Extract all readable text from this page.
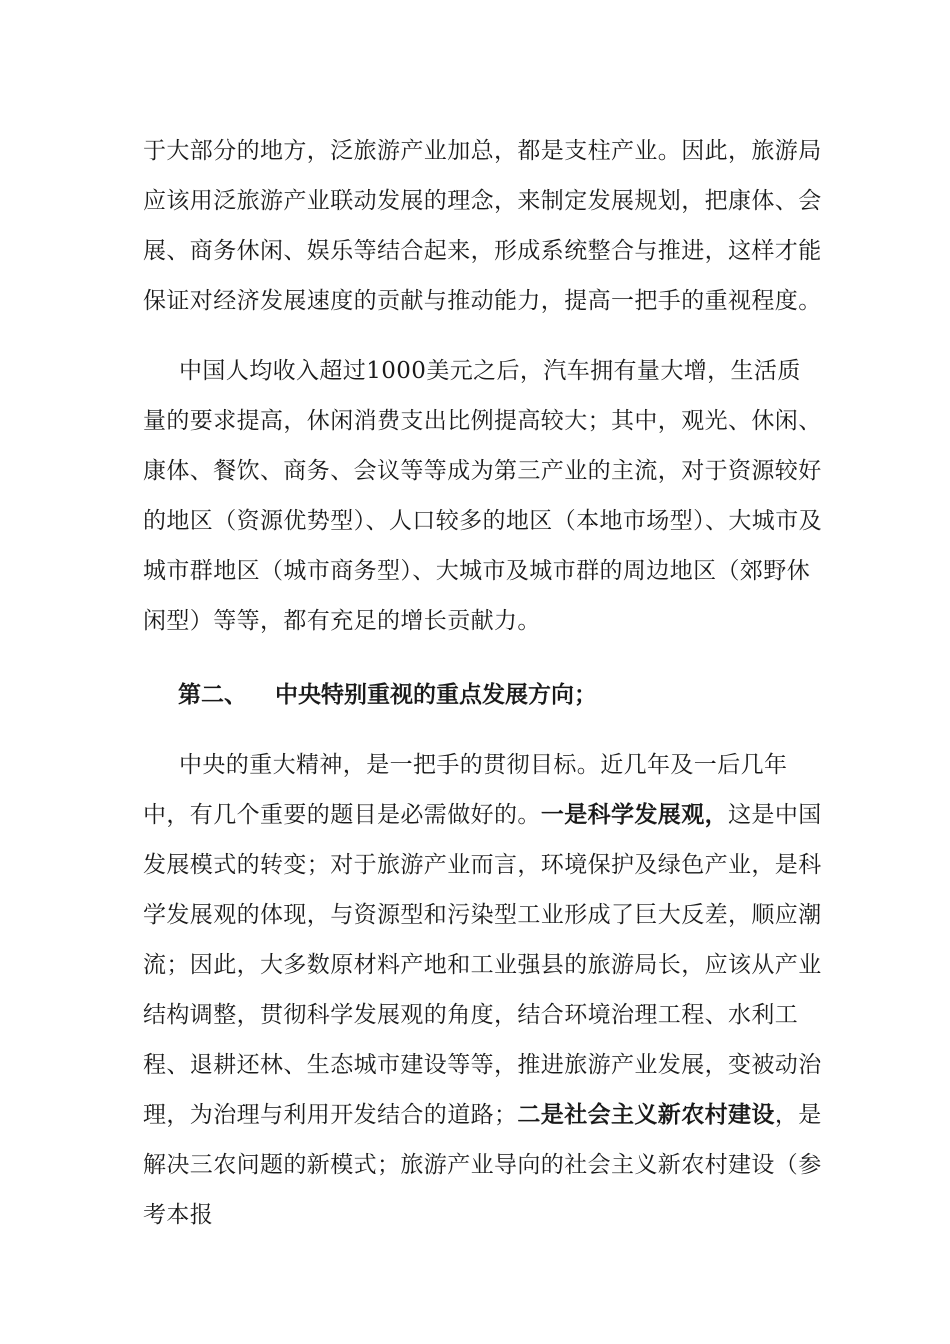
于大部分的地方，泛旅游产业加总，都是支柱产业。因此，旅游局应该用泛旅游产业联动发展的理念，来制定发展规划，把康体、会展、商务休闲、娱乐等结合起来，形成系统整合与推进，这样才能保证对经济发展速度的贡献与推动能力，提高一把手的重视程度。

中国人均收入超过1000美元之后，汽车拥有量大增，生活质量的要求提高，休闲消费支出比例提高较大；其中，观光、休闲、康体、餐饮、商务、会议等等成为第三产业的主流，对于资源较好的地区（资源优势型）、人口较多的地区（本地市场型）、大城市及城市群地区（城市商务型）、大城市及城市群的周边地区（郊野休闲型）等等，都有充足的增长贡献力。

第二、 中央特别重视的重点发展方向；

中央的重大精神，是一把手的贯彻目标。近几年及一后几年中，有几个重要的题目是必需做好的。一是科学发展观，这是中国发展模式的转变；对于旅游产业而言，环境保护及绿色产业，是科学发展观的体现，与资源型和污染型工业形成了巨大反差，顺应潮流；因此，大多数原材料产地和工业强县的旅游局长，应该从产业结构调整，贯彻科学发展观的角度，结合环境治理工程、水利工程、退耕还林、生态城市建设等等，推进旅游产业发展，变被动治理，为治理与利用开发结合的道路；二是社会主义新农村建设，是解决三农问题的新模式；旅游产业导向的社会主义新农村建设（参考本报
